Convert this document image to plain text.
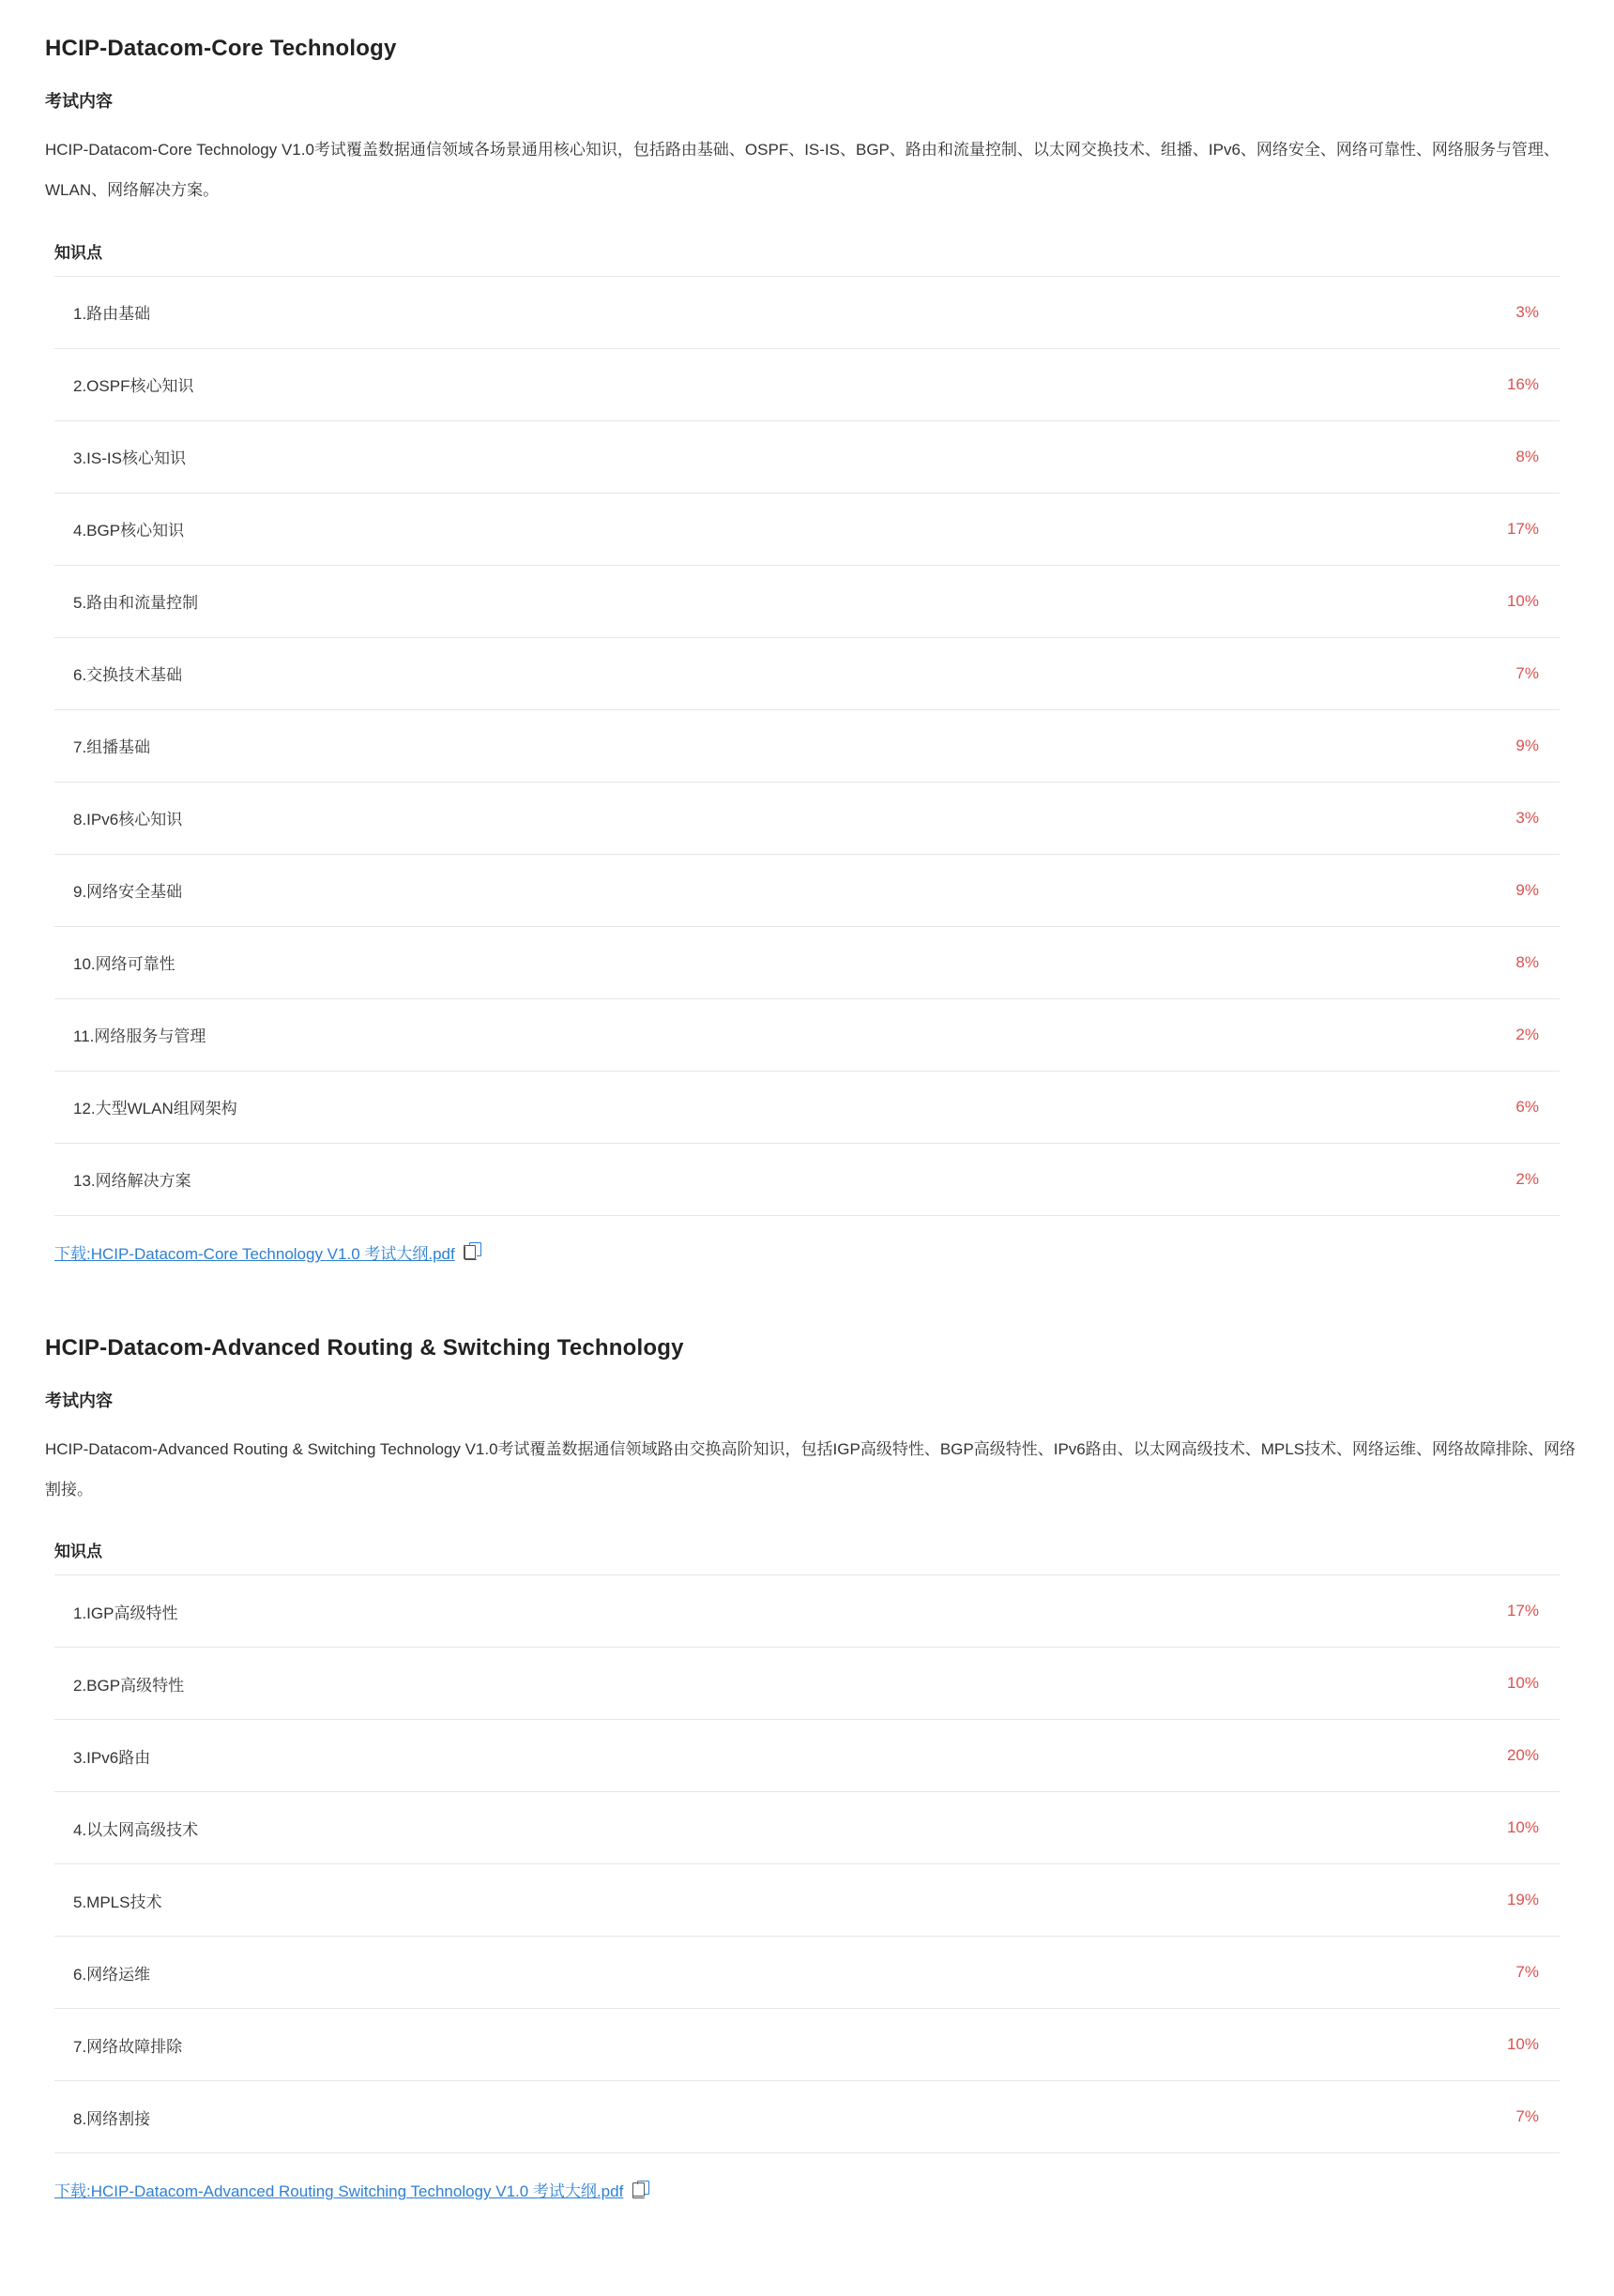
HCIP-Datacom-Core Technology
考试内容
HCIP-Datacom-Core Technology V1.0考试覆盖数据通信领域各场景通用核心知识，包括路由基础、OSPF、IS-IS、BGP、路由和流量控制、以太网交换技术、组播、IPv6、网络安全、网络可靠性、网络服务与管理、WLAN、网络解决方案。
知识点
1.路由基础	3%
2.OSPF核心知识	16%
3.IS-IS核心知识	8%
4.BGP核心知识	17%
5.路由和流量控制	10%
6.交换技术基础	7%
7.组播基础	9%
8.IPv6核心知识	3%
9.网络安全基础	9%
10.网络可靠性	8%
11.网络服务与管理	2%
12.大型WLAN组网架构	6%
13.网络解决方案	2%
下载:HCIP-Datacom-Core Technology V1.0 考试大纲.pdf
HCIP-Datacom-Advanced Routing & Switching Technology
考试内容
HCIP-Datacom-Advanced Routing & Switching Technology V1.0考试覆盖数据通信领域路由交换高阶知识，包括IGP高级特性、BGP高级特性、IPv6路由、以太网高级技术、MPLS技术、网络运维、网络故障排除、网络割接。
知识点
1.IGP高级特性	17%
2.BGP高级特性	10%
3.IPv6路由	20%
4.以太网高级技术	10%
5.MPLS技术	19%
6.网络运维	7%
7.网络故障排除	10%
8.网络割接	7%
下载:HCIP-Datacom-Advanced Routing Switching Technology V1.0 考试大纲.pdf
